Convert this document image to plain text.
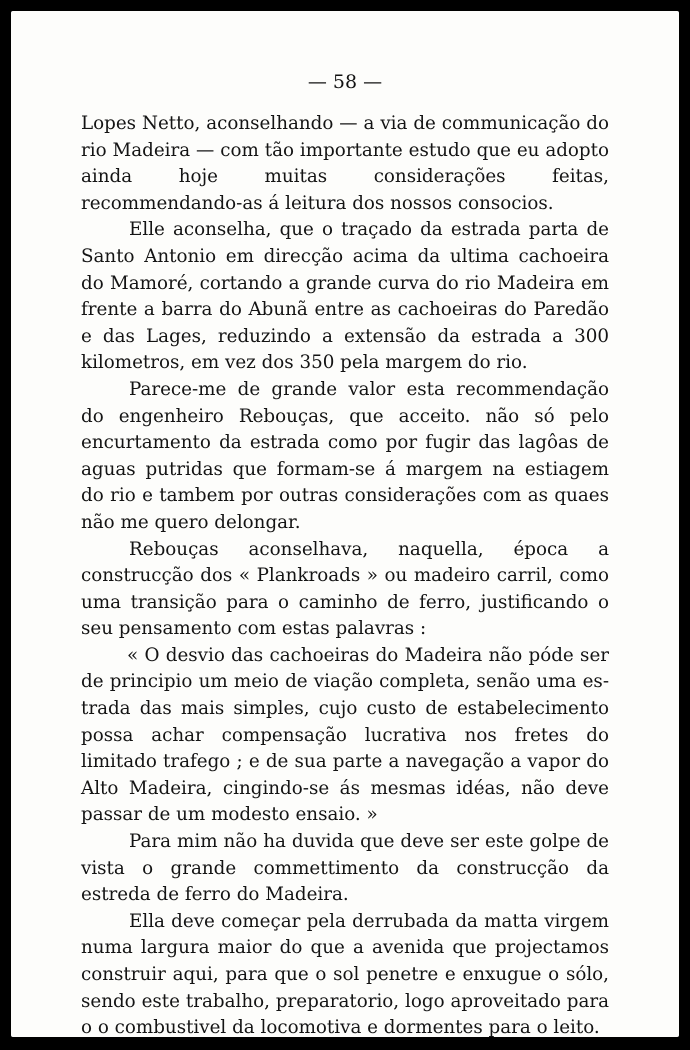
— 58 —

Lopes Netto, aconselhando — a via de communicação do rio Madeira — com tão importante estudo que eu adopto ainda hoje muitas considerações feitas, recommendando-as á leitura dos nossos consocios.

Elle aconselha, que o traçado da estrada parta de Santo Antonio em direcção acima da ultima cachoeira do Mamoré, cortando a grande curva do rio Madeira em frente a barra do Abunã entre as cachoeiras do Paredão e das Lages, reduzindo a extensão da estrada a 300 kilometros, em vez dos 350 pela margem do rio.

Parece-me de grande valor esta recommendação do engenheiro Rebouças, que acceito. não só pelo encurtamento da estrada como por fugir das lagôas de aguas putridas que formam-se á margem na estiagem do rio e tambem por outras considerações com as quaes não me quero delongar.

Rebouças aconselhava, naquella, época a construcção dos « Plankroads » ou madeiro carril, como uma transição para o caminho de ferro, justificando o seu pensamento com estas palavras :

« O desvio das cachoeiras do Madeira não póde ser de principio um meio de viação completa, senão uma estrada das mais simples, cujo custo de estabelecimento possa achar compensação lucrativa nos fretes do limitado trafego ; e de sua parte a navegação a vapor do Alto Madeira, cingindo-se ás mesmas idéas, não deve passar de um modesto ensaio. »

Para mim não ha duvida que deve ser este golpe de vista o grande commettimento da construcção da estreda de ferro do Madeira.

Ella deve começar pela derrubada da matta virgem numa largura maior do que a avenida que projectamos construir aqui, para que o sol penetre e enxugue o sólo, sendo este trabalho, preparatorio, logo aproveitado para o o combustivel da locomotiva e dormentes para o leito.
